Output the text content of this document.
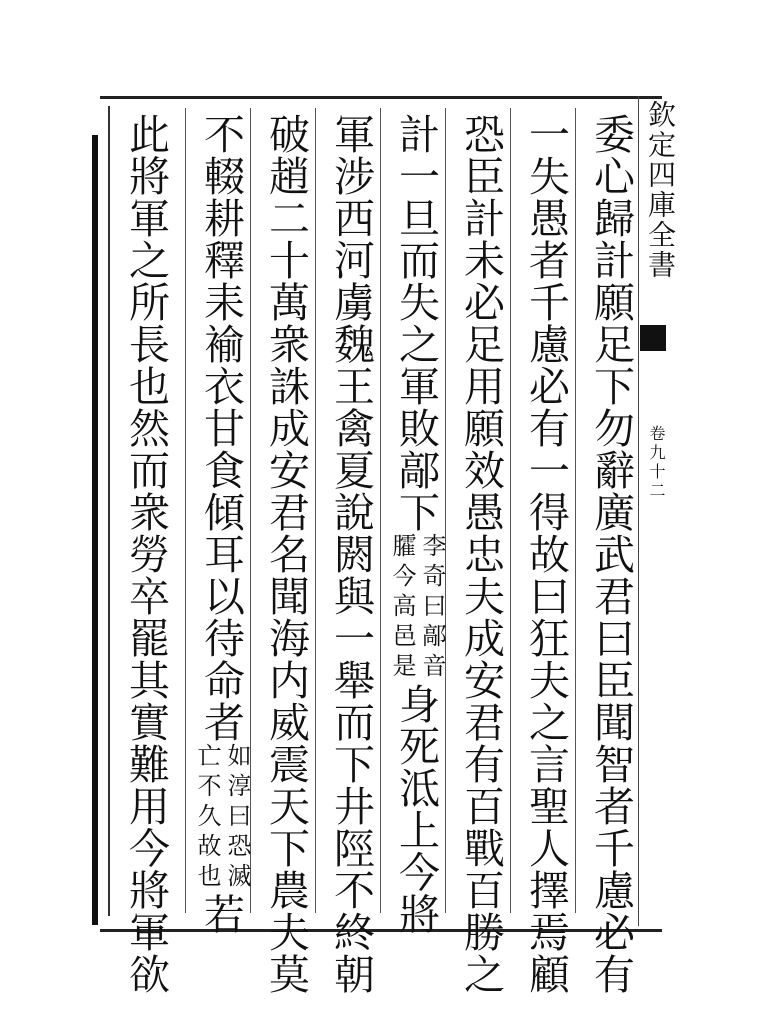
欽定四庫全書
卷九十二
委心歸計願足下勿辭廣武君曰臣聞智者千慮必有
一失愚者千慮必有一得故曰狂夫之言聖人擇焉顧
恐臣計未必足用願效愚忠夫成安君有百戰百勝之
計一旦而失之軍敗鄗下
李奇曰鄗音
臛今高邑是
身死泜上今將
軍涉西河虜魏王禽夏說閼與一舉而下井陘不終朝
破趙二十萬衆誅成安君名聞海内威震天下農夫莫
不輟耕釋耒褕衣甘食傾耳以待命者
如淳曰恐滅
亡不久故也
若
此將軍之所長也然而衆勞卒罷其實難用今將軍欲
